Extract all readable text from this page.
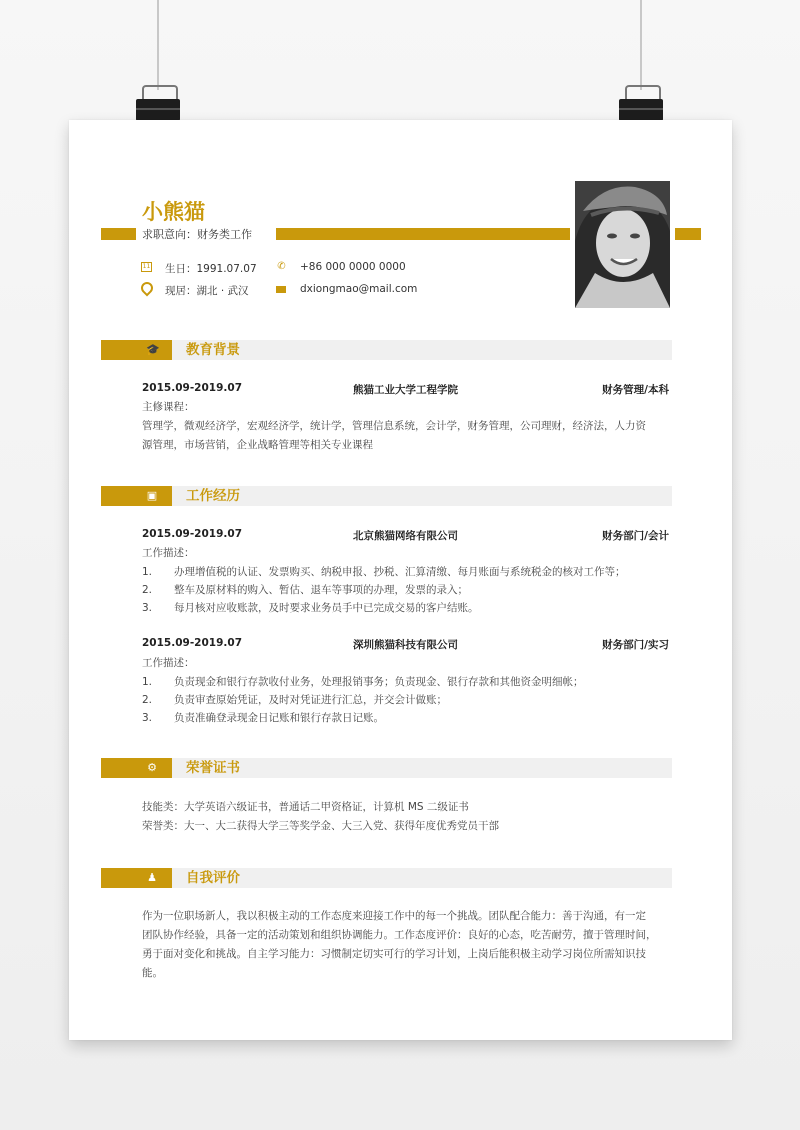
小熊猫
求职意向：财务类工作
11 生日：1991.07.07 ✆ +86 000 0000 0000
现居：湖北 · 武汉	dxiongmao@mail.com
🎓 教育背景
2015.09-2019.07	熊猫工业大学工程学院	财务管理/本科
主修课程：
管理学，微观经济学，宏观经济学，统计学，管理信息系统，会计学，财务管理，公司理财，经济法，人力资
源管理，市场营销，企业战略管理等相关专业课程
▣ 工作经历
2015.09-2019.07	北京熊猫网络有限公司	财务部门/会计
工作描述：
1. 办理增值税的认证、发票购买、纳税申报、抄税、汇算清缴、每月账面与系统税金的核对工作等；
2. 整车及原材料的购入、暂估、退车等事项的办理，发票的录入；
3. 每月核对应收账款，及时要求业务员手中已完成交易的客户结账。
2015.09-2019.07	深圳熊猫科技有限公司	财务部门/实习
工作描述：
1. 负责现金和银行存款收付业务，处理报销事务；负责现金、银行存款和其他资金明细帐；
2. 负责审查原始凭证，及时对凭证进行汇总，并交会计做账；
3. 负责准确登录现金日记账和银行存款日记账。
⚙ 荣誉证书
技能类：大学英语六级证书，普通话二甲资格证，计算机 MS 二级证书
荣誉类：大一、大二获得大学三等奖学金、大三入党、获得年度优秀党员干部
♟ 自我评价
作为一位职场新人，我以积极主动的工作态度来迎接工作中的每一个挑战。团队配合能力：善于沟通，有一定
团队协作经验，具备一定的活动策划和组织协调能力。工作态度评价：良好的心态，吃苦耐劳，擅于管理时间，
勇于面对变化和挑战。自主学习能力：习惯制定切实可行的学习计划，上岗后能积极主动学习岗位所需知识技
能。
